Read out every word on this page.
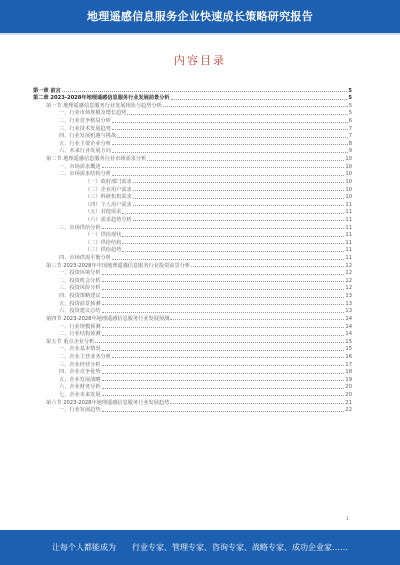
地理遥感信息服务企业快速成长策略研究报告
内容目录
第一章 前言	5
第二章 2023-2028年地理遥感信息服务行业发展前景分析	5
第一节 地理遥感信息服务行业发展现状与趋势分析	5
一、行业市场规模及增长趋势	5
二、行业竞争格局分析	6
三、行业技术发展趋势	7
四、行业发展机遇与挑战	7
五、行业主要企业分析	8
六、未来行业发展方向	9
第二节 地理遥感信息服务行业市场需求分析	10
一、市场需求概述	10
二、市场需求结构分析	10
（一）政府部门需求	10
（二）企业用户需求	10
（三）科研机构需求	10
（四）个人用户需求	11
（五）其他需求	11
（六）需求趋势分析	11
三、市场供给分析	11
（一）供给现状	11
（二）供给结构	11
（三）供给趋势	11
四、市场供需平衡分析	11
第三节 2023-2028年中国地理遥感信息服务行业投资前景分析	12
一、投资环境分析	12
二、投资机会分析	12
三、投资风险分析	12
四、投资策略建议	13
五、投资前景预测	13
六、投资建议总结	13
第四节 2023-2028年地理遥感信息服务行业发展预测	14
一、行业规模预测	14
二、行业结构预测	14
第五节 重点企业分析	15
一、企业基本情况	15
二、企业主营业务分析	16
三、企业经营分析	17
四、企业竞争优势	18
五、企业发展战略	19
六、企业财务分析	20
七、企业未来发展	20
第六节 2023-2028年地理遥感信息服务行业发展趋势	21
一、行业发展趋势	22
1
让每个人都能成为 行业专家、管理专家、咨询专家、战略专家、成功企业家……
